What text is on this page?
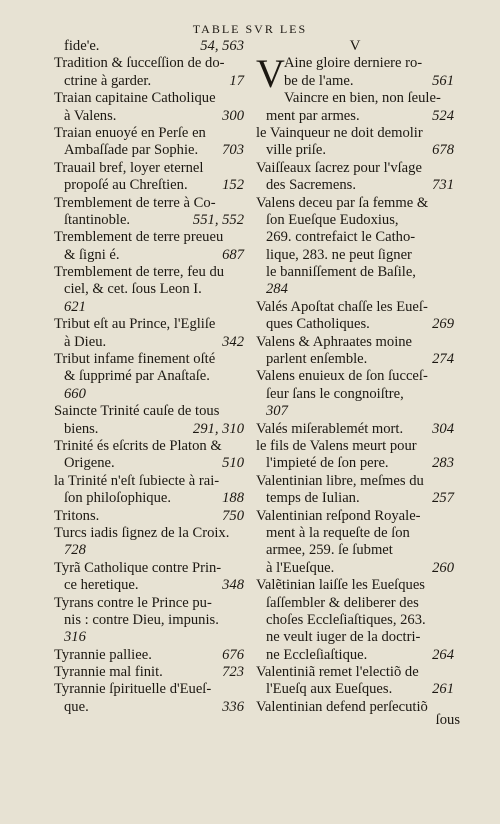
TABLE SVR LES
fide'e.	54, 563
Tradition & ſucceſſion de do-
ctrine à garder.	17
Traian capitaine Catholique
à Valens.	300
Traian enuoyé en Perſe en
Ambaſſade par Sophie. 703
Trauail bref, loyer eternel
propoſé au Chreſtien. 152
Tremblement de terre à Co-
ſtantinoble.	551, 552
Tremblement de terre preueu
& ſigni é.	687
Tremblement de terre, feu du
ciel, & cet. ſous Leon I.
621
Tribut eſt au Prince, l'Egliſe
à Dieu.	342
Tribut infame finement oſté
& ſupprimé par Anaſtaſe.
660
Saincte Trinité cauſe de tous
biens.	291, 310
Trinité és eſcrits de Platon &
Origene.	510
la Trinité n'eſt ſubiecte à rai-
ſon philoſophique.	188
Tritons.	750
Turcs iadis ſignez de la Croix.
728
Tyrã Catholique contre Prin-
ce heretique.	348
Tyrans contre le Prince pu-
nis : contre Dieu, impunis.
316
Tyrannie palliee.	676
Tyrannie mal finit.	723
Tyrannie ſpirituelle d'Eueſ-
que.	336
V
V Aine gloire derniere ro-
be de l'ame.	561
Vaincre en bien, non ſeule-
ment par armes.	524
le Vainqueur ne doit demolir
ville priſe.	678
Vaiſſeaux ſacrez pour l'vſage
des Sacremens.	731
Valens deceu par ſa femme &
ſon Eueſque Eudoxius,
269. contrefaict le Catho-
lique, 283. ne peut ſigner
le banniſſement de Baſile,
284
Valés Apoſtat chaſſe les Eueſ-
ques Catholiques.	269
Valens & Aphraates moine
parlent enſemble.	274
Valens enuieux de ſon ſucceſ-
ſeur ſans le congnoiſtre,
307
Valés miſerablemét mort. 304
le fils de Valens meurt pour
l'impieté de ſon pere.	283
Valentinian libre, meſmes du
temps de Iulian.	257
Valentinian reſpond Royale-
ment à la requeſte de ſon
armee, 259. ſe ſubmet
à l'Eueſque.	260
Valẽtinian laiſſe les Eueſques
ſaſſembler & deliberer des
choſes Eccleſiaſtiques, 263.
ne veult iuger de la doctri-
ne Eccleſiaſtique.	264
Valentiniã remet l'electiõ de
l'Eueſq aux Eueſques.	261
Valentinian defend perſecutiõ
ſous
